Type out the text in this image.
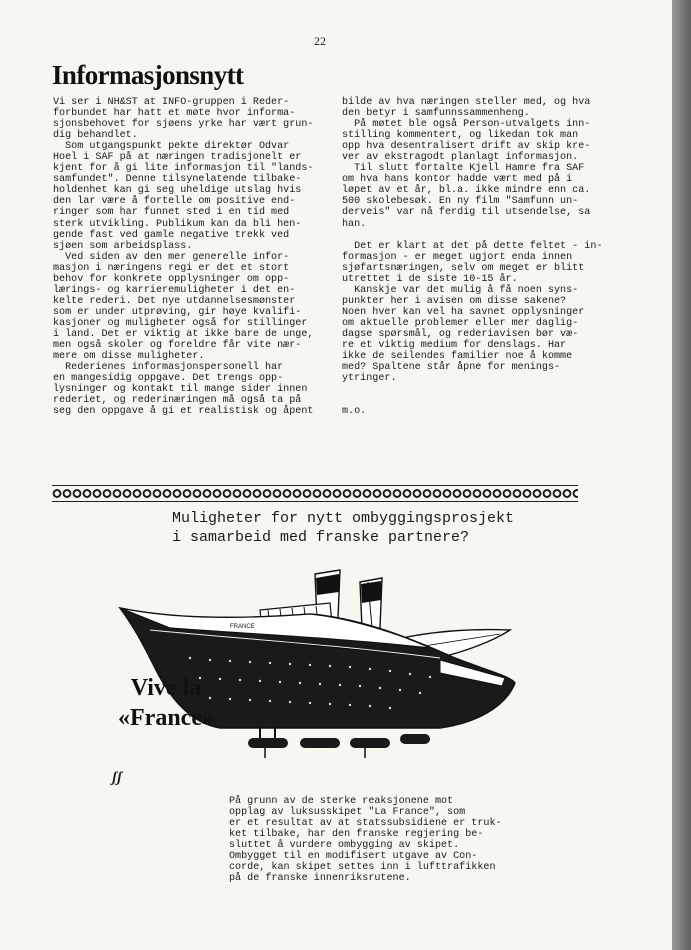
22
Informasjonsnytt

Vi ser i NH&ST at INFO-gruppen i Reder-

forbundet har hatt et møte hvor informa-

sjonsbehovet for sjøens yrke har vært grun-

dig behandlet.

Som utgangspunkt pekte direktør Odvar

Hoel i SAF på at næringen tradisjonelt er

kjent for å gi lite informasjon til "lands-

samfundet". Denne tilsynelatende tilbake-

holdenhet kan gi seg uheldige utslag hvis

den lar være å fortelle om positive end-

ringer som har funnet sted i en tid med

sterk utvikling. Publikum kan da bli hen-

gende fast ved gamle negative trekk ved

sjøen som arbeidsplass.

Ved siden av den mer generelle infor-

masjon i næringens regi er det et stort

behov for konkrete opplysninger om opp-

lærings- og karrieremuligheter i det en-

kelte rederi. Det nye utdannelsesmønster

som er under utprøving, gir høye kvalifi-

kasjoner og muligheter også for stillinger

i land. Det er viktig at ikke bare de unge,

men også skoler og foreldre får vite nær-

mere om disse muligheter.

Rederienes informasjonspersonell har

en mangesidig oppgave. Det trengs opp-

lysninger og kontakt til mange sider innen

rederiet, og rederinæringen må også ta på

seg den oppgave å gi et realistisk og åpent

bilde av hva næringen steller med, og hva

den betyr i samfunnssammenheng.

På møtet ble også Person-utvalgets inn-

stilling kommentert, og likedan tok man

opp hva desentralisert drift av skip kre-

ver av ekstragodt planlagt informasjon.

Til slutt fortalte Kjell Hamre fra SAF

om hva hans kontor hadde vært med på i

løpet av et år, bl.a. ikke mindre enn ca.

500 skolebesøk. En ny film "Samfunn un-

derveis" var nå ferdig til utsendelse, sa

han.

Det er klart at det på dette feltet - in-

formasjon - er meget ugjort enda innen

sjøfartsnæringen, selv om meget er blitt

utrettet i de siste 10-15 år.

Kanskje var det mulig å få noen syns-

punkter her i avisen om disse sakene?

Noen hver kan vel ha savnet opplysninger

om aktuelle problemer eller mer daglig-

dagse spørsmål, og rederiavisen bør væ-

re et viktig medium for denslags. Har

ikke de seilendes familier noe å komme

med? Spaltene står åpne for menings-

ytringer.

m.o.

Muligheter for nytt ombyggingsprosjekt

i samarbeid med franske partnere?

FRANCE

Vive la

«France»

ʃʃ

På grunn av de sterke reaksjonene mot

opplag av luksusskipet "La France", som

er et resultat av at statssubsidiene er truk-

ket tilbake, har den franske regjering be-

sluttet å vurdere ombygging av skipet.

Ombygget til en modifisert utgave av Con-

corde, kan skipet settes inn i lufttrafikken

på de franske innenriksrutene.
